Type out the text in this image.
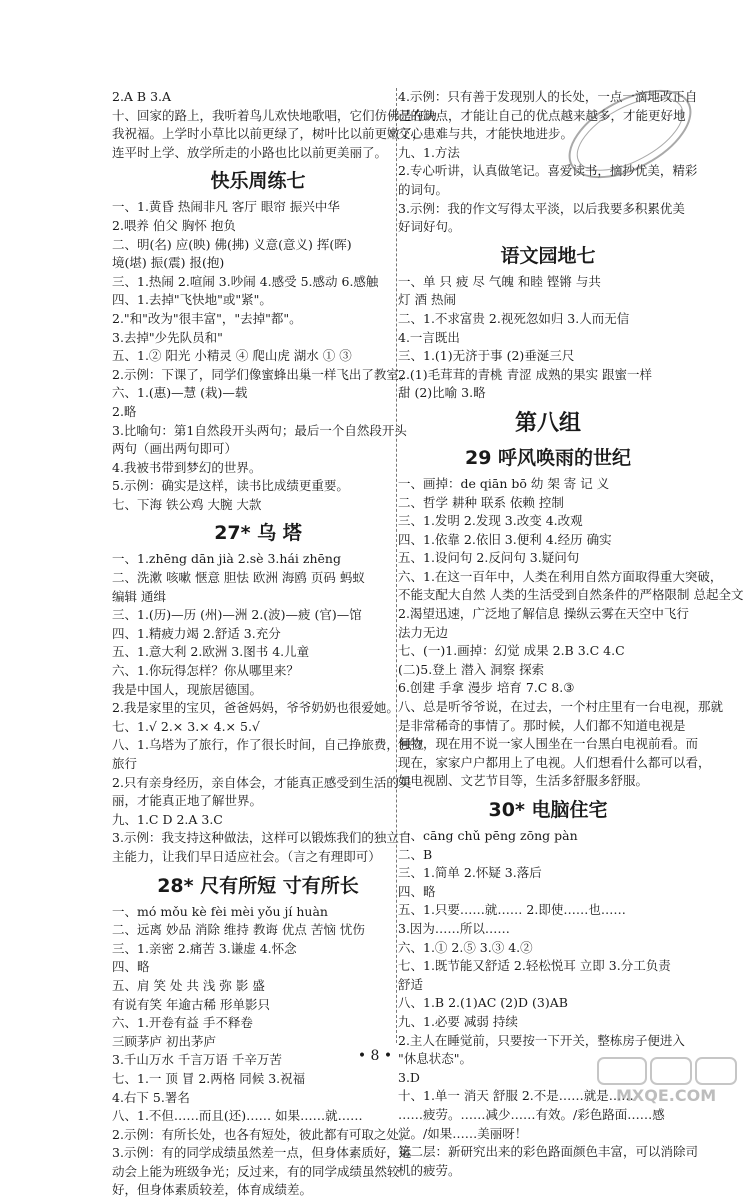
2.A B 3.A
十、回家的路上，我听着鸟儿欢快地歌唱，它们仿佛是在为
我祝福。上学时小草比以前更绿了，树叶比以前更嫩了，
连平时上学、放学所走的小路也比以前更美丽了。
快乐周练七
一、1.黄昏 热闹非凡 客厅 眼帘 振兴中华
2.喂养 伯父 胸怀 抱负
二、明(名) 应(映) 佛(拂) 义意(意义) 挥(晖)
境(堪) 振(震) 报(抱)
三、1.热闹 2.喧闹 3.吵闹 4.感受 5.感动 6.感触
四、1.去掉"飞快地"或"紧"。
2."和"改为"很丰富"，"去掉"都"。
3.去掉"少先队员和"
五、1.② 阳光 小精灵 ④ 爬山虎 湖水 ① ③
2.示例：下课了，同学们像蜜蜂出巢一样飞出了教室。
六、1.(惠)—慧 (栽)—载
2.略
3.比喻句：第1自然段开头两句；最后一个自然段开头
两句（画出两句即可）
4.我被书带到梦幻的世界。
5.示例：确实是这样，读书比成绩更重要。
七、下海 铁公鸡 大腕 大款
27* 乌 塔
一、1.zhēng dān jià 2.sè 3.hái zhēng
二、洗漱 咳嗽 惬意 胆怯 欧洲 海鸥 页码 蚂蚁
编辑 通缉
三、1.(历)—历 (州)—洲 2.(波)—疲 (官)—馆
四、1.精疲力竭 2.舒适 3.充分
五、1.意大利 2.欧洲 3.图书 4.儿童
六、1.你玩得怎样？你从哪里来？
我是中国人，现旅居德国。
2.我是家里的宝贝，爸爸妈妈，爷爷奶奶也很爱她。
七、1.√ 2.× 3.× 4.× 5.√
八、1.乌塔为了旅行，作了很长时间，自己挣旅费，独立
旅行
2.只有亲身经历，亲自体会，才能真正感受到生活的美
丽，才能真正地了解世界。
九、1.C D 2.A 3.C
3.示例：我支持这种做法，这样可以锻炼我们的独立自
主能力，让我们早日适应社会。（言之有理即可）
28* 尺有所短 寸有所长
一、mó mǒu kè fèi mèi yǒu jí huàn
二、远离 妙品 消除 维持 教诲 优点 苦恼 忧伤
三、1.亲密 2.痛苦 3.谦虚 4.怀念
四、略
五、肩 笑 处 共 浅 弥 影 盛
有说有笑 年逾古稀 形单影只
六、1.开卷有益 手不释卷
三顾茅庐 初出茅庐
3.千山万水 千言万语 千辛万苦
七、1.一 顶 冒 2.两格 同候 3.祝福
4.右下 5.署名
八、1.不但……而且(还)…… 如果……就……
2.示例：有所长处，也各有短处，彼此都有可取之处。
3.示例：有的同学成绩虽然差一点，但身体素质好，运
动会上能为班级争光；反过来，有的同学成绩虽然较
好，但身体素质较差，体育成绩差。
4.示例：只有善于发现别人的长处，一点一滴地改正自
己的缺点，才能让自己的优点越来越多，才能更好地
交心患难与共，才能快地进步。
九、1.方法
2.专心听讲，认真做笔记。喜爱读书，摘抄优美，精彩
的词句。
3.示例：我的作文写得太平淡，以后我要多积累优美
好词好句。
语文园地七
一、单 只 疲 尽 气魄 和睦 铿锵 与共
灯 酒 热闹
二、1.不求富贵 2.视死忽如归 3.人而无信
4.一言既出
三、1.(1)无济于事 (2)垂涎三尺
2.(1)毛茸茸的青桃 青涩 成熟的果实 跟蜜一样
甜 (2)比喻 3.略
第八组
29 呼风唤雨的世纪
一、画掉：de qiān bō 幼 架 寄 记 义
二、哲学 耕种 联系 依赖 控制
三、1.发明 2.发现 3.改变 4.改观
四、1.依靠 2.依旧 3.便利 4.经历 确实
五、1.设问句 2.反问句 3.疑问句
六、1.在这一百年中，人类在利用自然方面取得重大突破，
不能支配大自然 人类的生活受到自然条件的严格限制 总起全文
2.渴望迅速，广泛地了解信息 操纵云雾在天空中飞行
法力无边
七、(一)1.画掉：幻觉 成果 2.B 3.C 4.C
(二)5.登上 潜入 洞察 探索
6.创建 手拿 漫步 培育 7.C 8.③
八、总是听爷爷说，在过去，一个村庄里有一台电视，那就
是非常稀奇的事情了。那时候，人们都不知道电视是
何物，现在用不说一家人围坐在一台黑白电视前看。而
现在，家家户户都用上了电视。人们想看什么都可以看，
如电视剧、文艺节目等，生活多舒服多舒服。
30* 电脑住宅
一、cāng chǔ pēng zōng pàn
二、B
三、1.简单 2.怀疑 3.落后
四、略
五、1.只要……就…… 2.即使……也……
3.因为……所以……
六、1.① 2.⑤ 3.③ 4.②
七、1.既节能又舒适 2.轻松悦耳 立即 3.分工负责
舒适
八、1.B 2.(1)AC (2)D (3)AB
九、1.必要 减弱 持续
2.主人在睡觉前，只要按一下开关，整栋房子便进入
"休息状态"。
3.D
十、1.单一 消天 舒服 2.不是……就是……
……疲劳。……减少……有效。/彩色路面……感
觉。/如果……美丽呀！
第二层：新研究出来的彩色路面颜色丰富，可以消除司
机的疲劳。
• 8 •
MXQE.COM
